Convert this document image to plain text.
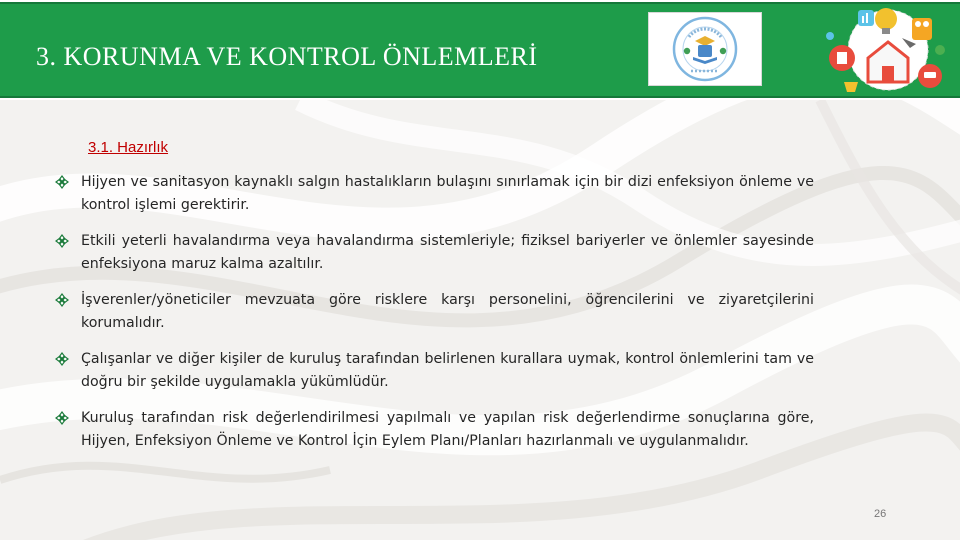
3. KORUNMA VE KONTROL ÖNLEMLERİ
3.1. Hazırlık
Hijyen ve sanitasyon kaynaklı salgın hastalıkların bulaşını sınırlamak için bir dizi enfeksiyon önleme ve kontrol işlemi gerektirir.
Etkili yeterli havalandırma veya havalandırma sistemleriyle; fiziksel bariyerler ve önlemler sayesinde enfeksiyona maruz kalma azaltılır.
İşverenler/yöneticiler mevzuata göre risklere karşı personelini, öğrencilerini ve ziyaretçilerini korumalıdır.
Çalışanlar ve diğer kişiler de kuruluş tarafından belirlenen kurallara uymak, kontrol önlemlerini tam ve doğru bir şekilde uygulamakla yükümlüdür.
Kuruluş tarafından risk değerlendirilmesi yapılmalı ve yapılan risk değerlendirme sonuçlarına göre, Hijyen, Enfeksiyon Önleme ve Kontrol İçin Eylem Planı/Planları hazırlanmalı ve uygulanmalıdır.
26
